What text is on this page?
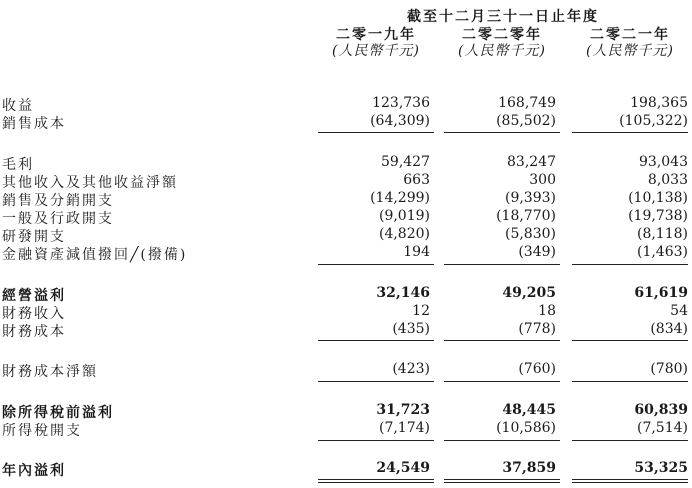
截至十二月三十一日止年度
二零一九年	二零二零年	二零二一年
(人民幣千元)	(人民幣千元)	(人民幣千元)
收益	123,736	168,749	198,365
銷售成本	(64,309)	(85,502)	(105,322)
毛利	59,427	83,247	93,043
其他收入及其他收益淨額	663	300	8,033
銷售及分銷開支	(14,299)	(9,393)	(10,138)
一般及行政開支	(9,019)	(18,770)	(19,738)
研發開支	(4,820)	(5,830)	(8,118)
金融資產減值撥回╱(撥備)	194	(349)	(1,463)
經營溢利	32,146	49,205	61,619
財務收入	12	18	54
財務成本	(435)	(778)	(834)
財務成本淨額	(423)	(760)	(780)
除所得稅前溢利	31,723	48,445	60,839
所得稅開支	(7,174)	(10,586)	(7,514)
年內溢利	24,549	37,859	53,325
